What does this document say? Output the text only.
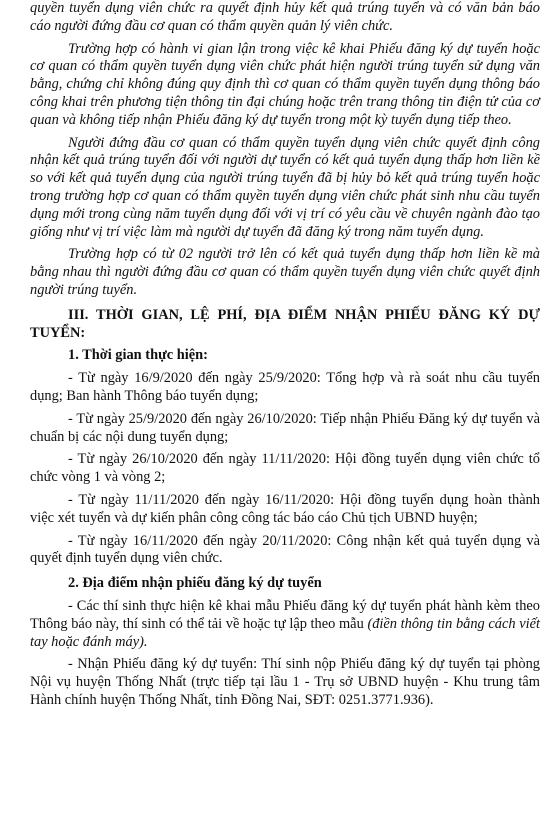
quyền tuyển dụng viên chức ra quyết định hủy kết quả trúng tuyển và có văn bản báo cáo người đứng đầu cơ quan có thẩm quyền quản lý viên chức.

Trường hợp có hành vi gian lận trong việc kê khai Phiếu đăng ký dự tuyển hoặc cơ quan có thẩm quyền tuyển dụng viên chức phát hiện người trúng tuyển sử dụng văn bằng, chứng chỉ không đúng quy định thì cơ quan có thẩm quyền tuyển dụng thông báo công khai trên phương tiện thông tin đại chúng hoặc trên trang thông tin điện tử của cơ quan và không tiếp nhận Phiếu đăng ký dự tuyển trong một kỳ tuyển dụng tiếp theo.

Người đứng đầu cơ quan có thẩm quyền tuyển dụng viên chức quyết định công nhận kết quả trúng tuyển đối với người dự tuyển có kết quả tuyển dụng thấp hơn liền kề so với kết quả tuyển dụng của người trúng tuyển đã bị hủy bỏ kết quả trúng tuyển hoặc trong trường hợp cơ quan có thẩm quyền tuyển dụng viên chức phát sinh nhu cầu tuyển dụng mới trong cùng năm tuyển dụng đối với vị trí có yêu cầu về chuyên ngành đào tạo giống như vị trí việc làm mà người dự tuyển đã đăng ký trong năm tuyển dụng.

Trường hợp có từ 02 người trở lên có kết quả tuyển dụng thấp hơn liền kề mà bằng nhau thì người đứng đầu cơ quan có thẩm quyền tuyển dụng viên chức quyết định người trúng tuyển.

III. THỜI GIAN, LỆ PHÍ, ĐỊA ĐIỂM NHẬN PHIẾU ĐĂNG KÝ DỰ TUYỂN:

1. Thời gian thực hiện:

- Từ ngày 16/9/2020 đến ngày 25/9/2020: Tổng hợp và rà soát nhu cầu tuyển dụng; Ban hành Thông báo tuyển dụng;

- Từ ngày 25/9/2020 đến ngày 26/10/2020: Tiếp nhận Phiếu Đăng ký dự tuyển và chuẩn bị các nội dung tuyển dụng;

- Từ ngày 26/10/2020 đến ngày 11/11/2020: Hội đồng tuyển dụng viên chức tổ chức vòng 1 và vòng 2;

- Từ ngày 11/11/2020 đến ngày 16/11/2020: Hội đồng tuyển dụng hoàn thành việc xét tuyển và dự kiến phân công công tác báo cáo Chủ tịch UBND huyện;

- Từ ngày 16/11/2020 đến ngày 20/11/2020: Công nhận kết quả tuyển dụng và quyết định tuyển dụng viên chức.

2. Địa điểm nhận phiếu đăng ký dự tuyển

- Các thí sinh thực hiện kê khai mẫu Phiếu đăng ký dự tuyển phát hành kèm theo Thông báo này, thí sinh có thể tải về hoặc tự lập theo mẫu (điền thông tin bằng cách viết tay hoặc đánh máy).

- Nhận Phiếu đăng ký dự tuyển: Thí sinh nộp Phiếu đăng ký dự tuyển tại phòng Nội vụ huyện Thống Nhất (trực tiếp tại lầu 1 - Trụ sở UBND huyện - Khu trung tâm Hành chính huyện Thống Nhất, tỉnh Đồng Nai, SĐT: 0251.3771.936).
